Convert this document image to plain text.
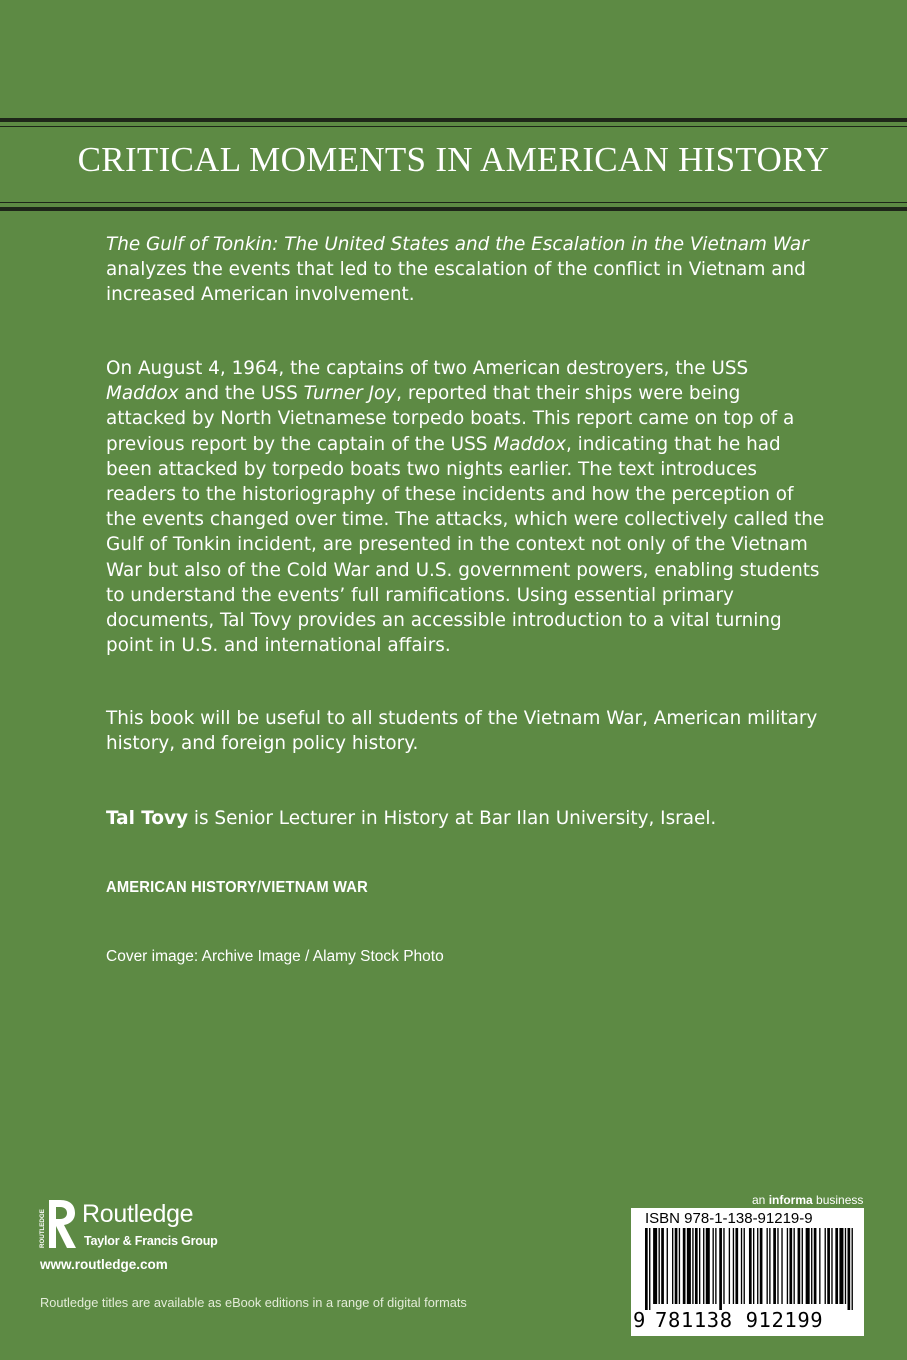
CRITICAL MOMENTS IN AMERICAN HISTORY

The Gulf of Tonkin: The United States and the Escalation in the Vietnam War analyzes the events that led to the escalation of the conflict in Vietnam and increased American involvement.

On August 4, 1964, the captains of two American destroyers, the USS Maddox and the USS Turner Joy, reported that their ships were being attacked by North Vietnamese torpedo boats. This report came on top of a previous report by the captain of the USS Maddox, indicating that he had been attacked by torpedo boats two nights earlier. The text introduces readers to the historiography of these incidents and how the perception of the events changed over time. The attacks, which were collectively called the Gulf of Tonkin incident, are presented in the context not only of the Vietnam War but also of the Cold War and U.S. government powers, enabling students to understand the events’ full ramifications. Using essential primary documents, Tal Tovy provides an accessible introduction to a vital turning point in U.S. and international affairs.

This book will be useful to all students of the Vietnam War, American military history, and foreign policy history.

Tal Tovy is Senior Lecturer in History at Bar Ilan University, Israel.

AMERICAN HISTORY/VIETNAM WAR
Cover image: Archive Image / Alamy Stock Photo
ROUTLEDGE Routledge
Taylor & Francis Group
www.routledge.com
Routledge titles are available as eBook editions in a range of digital formats
an informa business
ISBN 978-1-138-91219-9
9 781138 912199
